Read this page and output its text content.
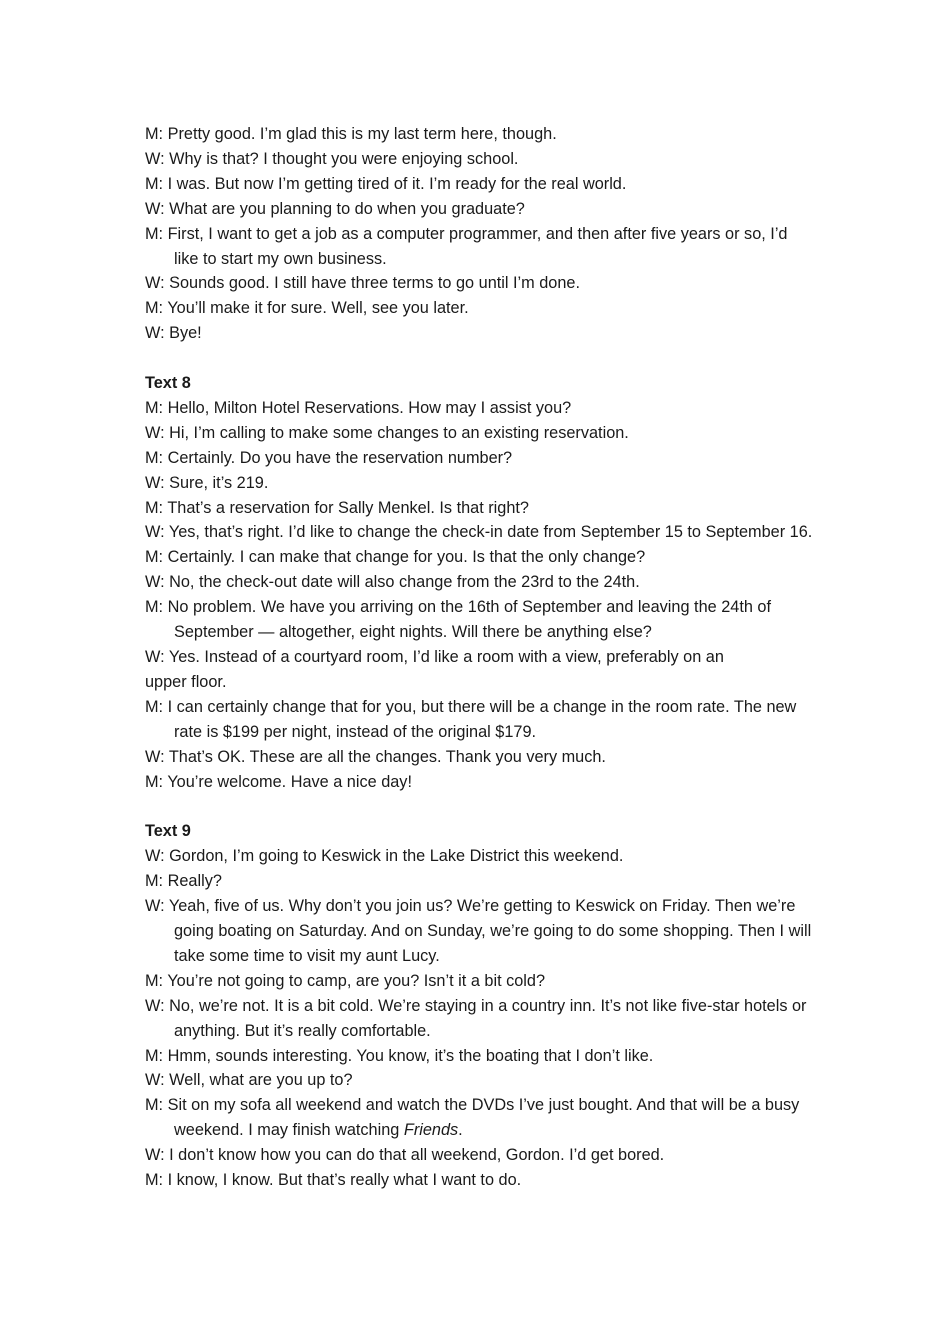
M: Pretty good. I’m glad this is my last term here, though.

W: Why is that? I thought you were enjoying school.

M: I was. But now I’m getting tired of it. I’m ready for the real world.

W: What are you planning to do when you graduate?

M: First, I want to get a job as a computer programmer, and then after five years or so, I’d like to start my own business.

W: Sounds good. I still have three terms to go until I’m done.

M: You’ll make it for sure. Well, see you later.

W: Bye!

Text 8

M: Hello, Milton Hotel Reservations. How may I assist you?

W: Hi, I’m calling to make some changes to an existing reservation.

M: Certainly. Do you have the reservation number?

W: Sure, it’s 219.

M: That’s a reservation for Sally Menkel. Is that right?

W: Yes, that’s right. I’d like to change the check-in date from September 15 to September 16.

M: Certainly. I can make that change for you. Is that the only change?

W: No, the check-out date will also change from the 23rd to the 24th.

M: No problem. We have you arriving on the 16th of September and leaving the 24th of September — altogether, eight nights. Will there be anything else?

W: Yes. Instead of a courtyard room, I’d like a room with a view, preferably on an

upper floor.

M: I can certainly change that for you, but there will be a change in the room rate. The new rate is $199 per night, instead of the original $179.

W: That’s OK. These are all the changes. Thank you very much.

M: You’re welcome. Have a nice day!

Text 9

W: Gordon, I’m going to Keswick in the Lake District this weekend.

M: Really?

W: Yeah, five of us. Why don’t you join us? We’re getting to Keswick on Friday. Then we’re going boating on Saturday. And on Sunday, we’re going to do some shopping. Then I will take some time to visit my aunt Lucy.

M: You’re not going to camp, are you? Isn’t it a bit cold?

W: No, we’re not. It is a bit cold. We’re staying in a country inn. It’s not like five-star hotels or anything. But it’s really comfortable.

M: Hmm, sounds interesting. You know, it’s the boating that I don’t like.

W: Well, what are you up to?

M: Sit on my sofa all weekend and watch the DVDs I’ve just bought. And that will be a busy weekend. I may finish watching Friends.

W: I don’t know how you can do that all weekend, Gordon. I’d get bored.

M: I know, I know. But that’s really what I want to do.
